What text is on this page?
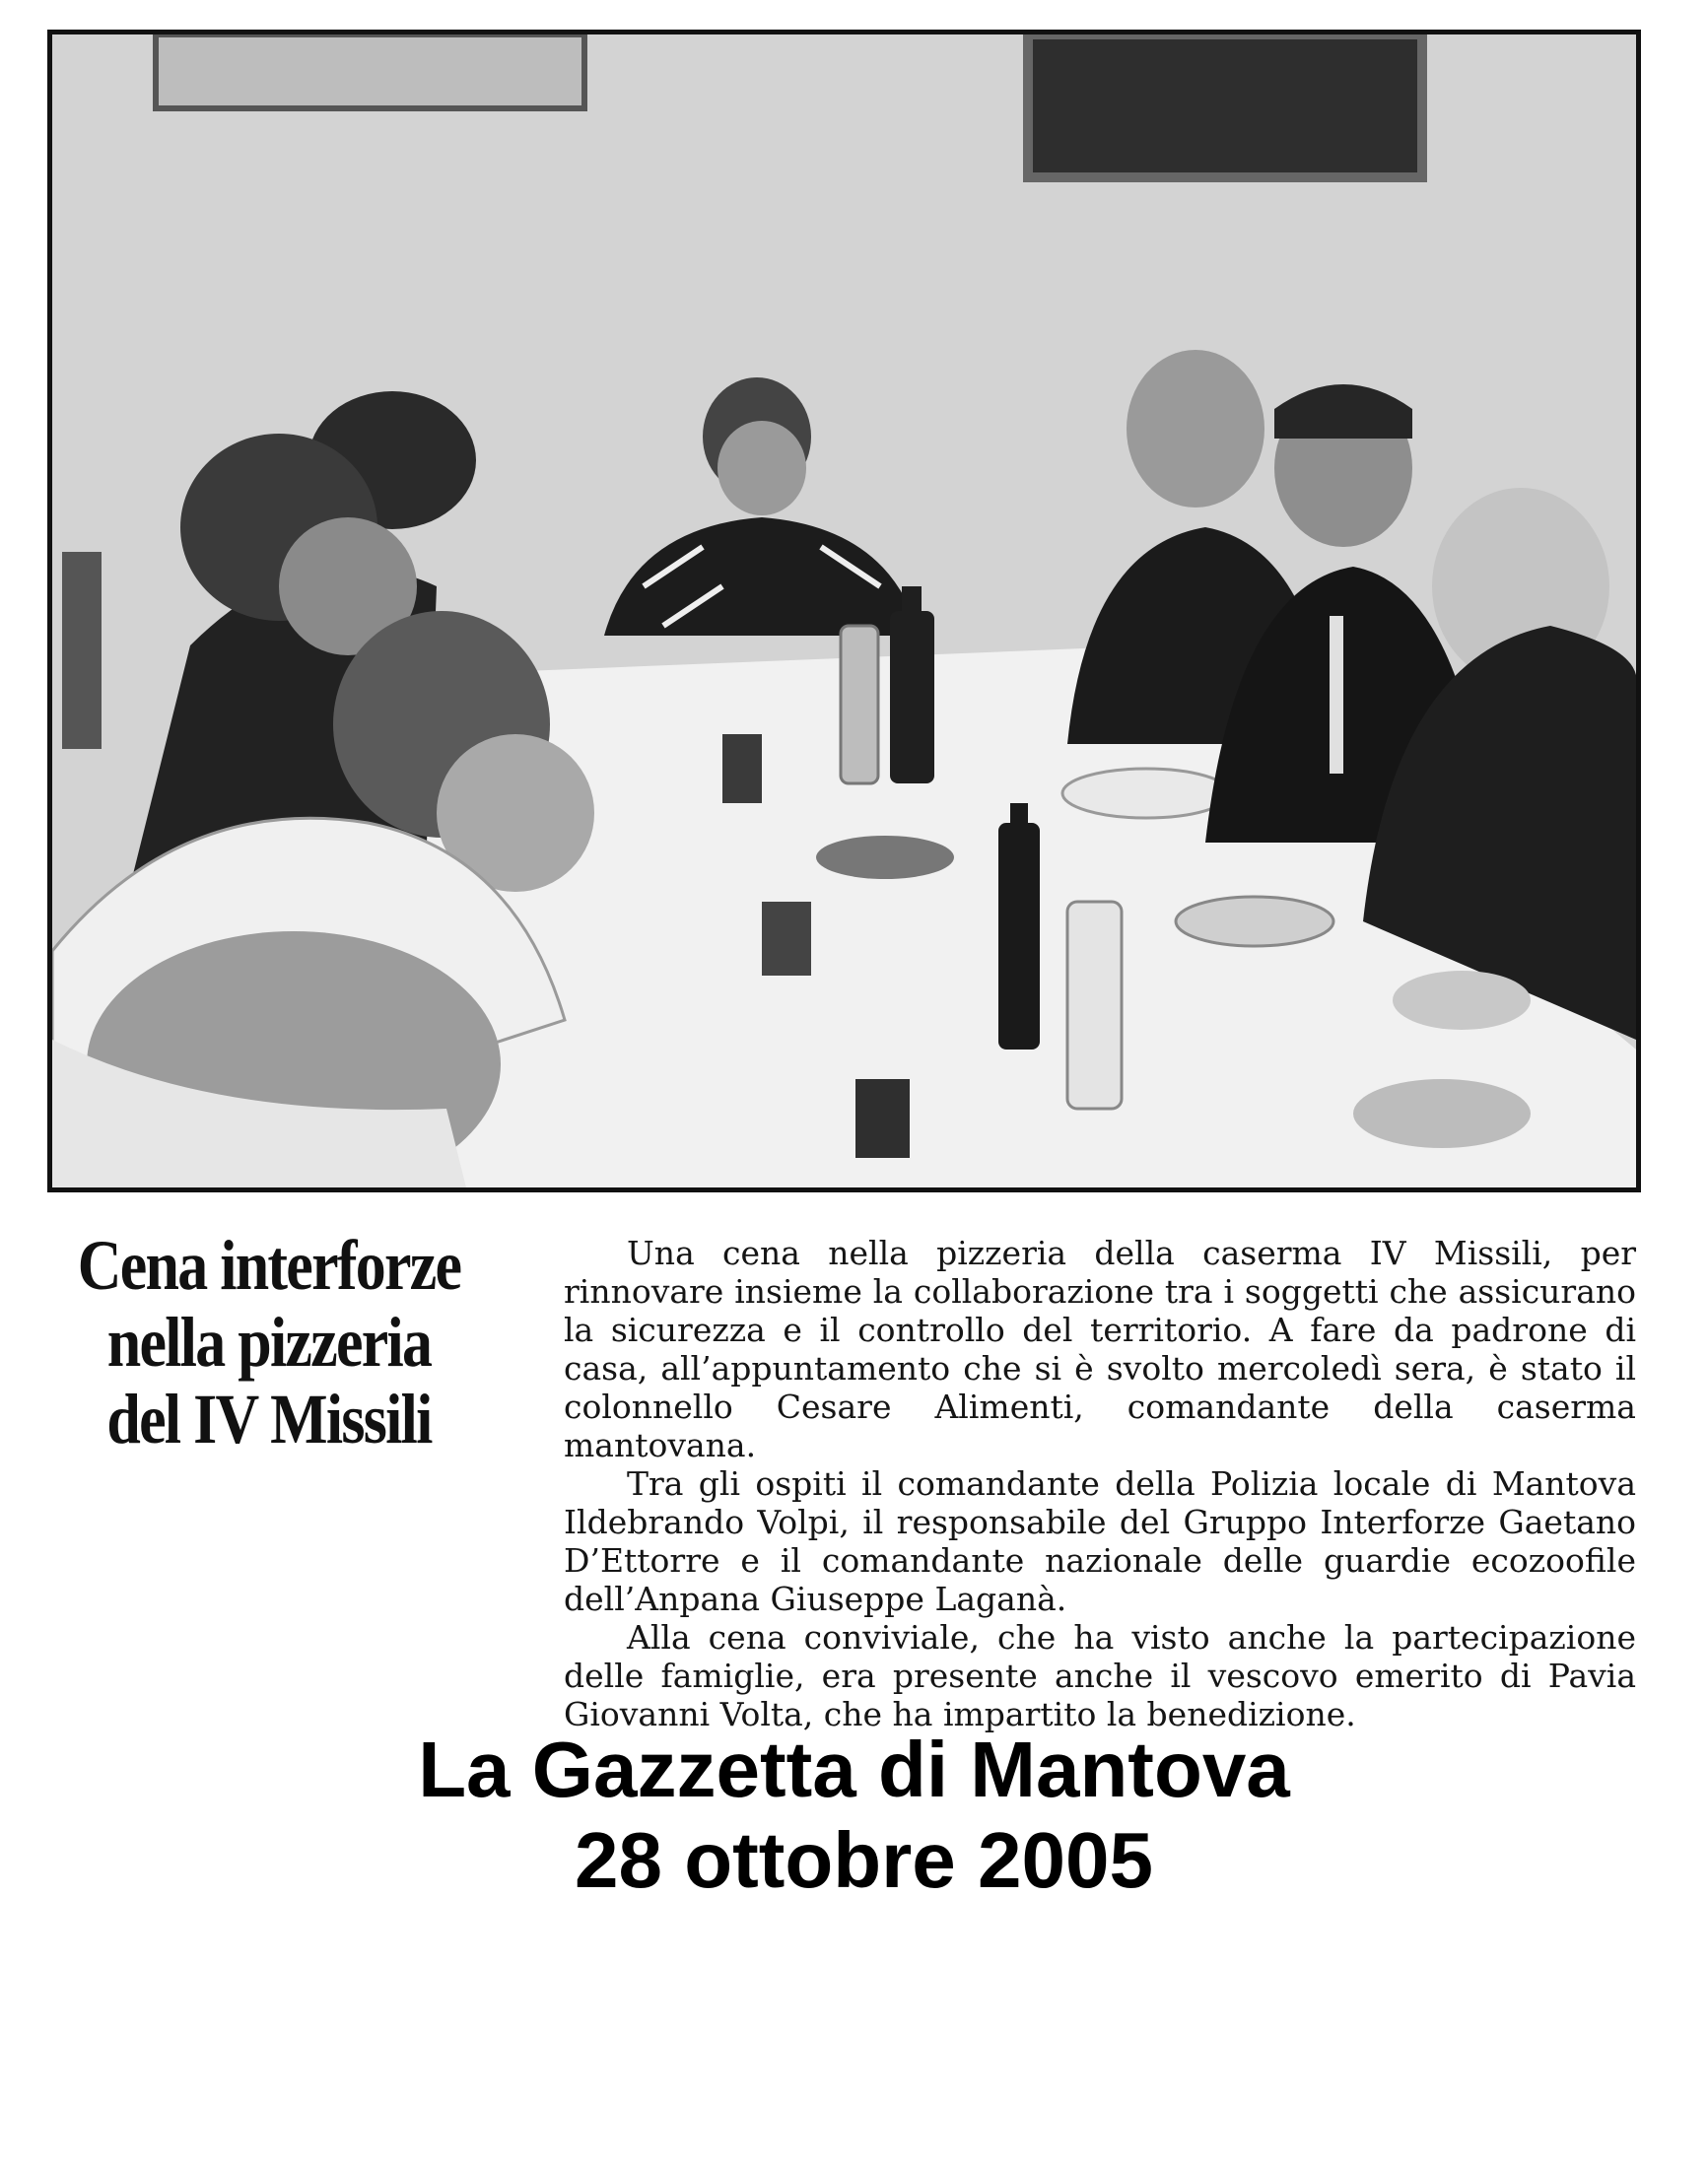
Cena interforze
nella pizzeria
del IV Missili

Una cena nella pizzeria della caserma IV Missili, per rinnovare insieme la collaborazione tra i soggetti che assicurano la sicurezza e il controllo del territorio. A fare da padrone di casa, all’appuntamento che si è svolto mercoledì sera, è stato il colonnello Cesare Alimenti, comandante della caserma mantovana.

Tra gli ospiti il comandante della Polizia locale di Mantova Ildebrando Volpi, il responsabile del Gruppo Interforze Gaetano D’Ettorre e il comandante nazionale delle guardie ecozoofile dell’Anpana Giuseppe Laganà.

Alla cena conviviale, che ha visto anche la partecipazione delle famiglie, era presente anche il vescovo emerito di Pavia Giovanni Volta, che ha impartito la benedizione.

La Gazzetta di Mantova
28 ottobre 2005
